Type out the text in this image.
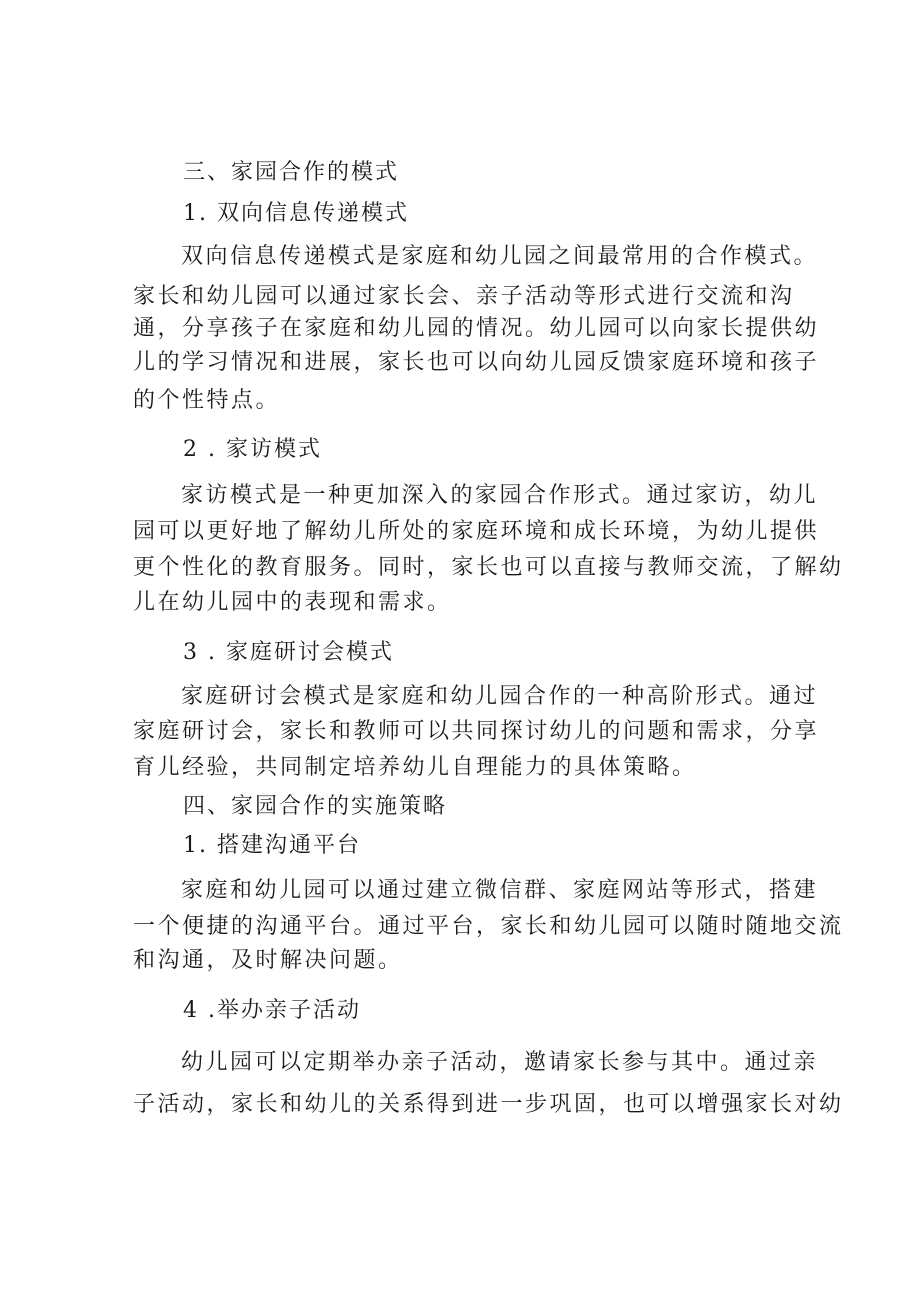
三、家园合作的模式

1. 双向信息传递模式

双向信息传递模式是家庭和幼儿园之间最常用的合作模式。

家长和幼儿园可以通过家长会、亲子活动等形式进行交流和沟

通，分享孩子在家庭和幼儿园的情况。幼儿园可以向家长提供幼

儿的学习情况和进展，家长也可以向幼儿园反馈家庭环境和孩子

的个性特点。

2 . 家访模式

家访模式是一种更加深入的家园合作形式。通过家访，幼儿

园可以更好地了解幼儿所处的家庭环境和成长环境，为幼儿提供

更个性化的教育服务。同时，家长也可以直接与教师交流，了解幼

儿在幼儿园中的表现和需求。

3 . 家庭研讨会模式

家庭研讨会模式是家庭和幼儿园合作的一种高阶形式。通过

家庭研讨会，家长和教师可以共同探讨幼儿的问题和需求，分享

育儿经验，共同制定培养幼儿自理能力的具体策略。

四、家园合作的实施策略

1. 搭建沟通平台

家庭和幼儿园可以通过建立微信群、家庭网站等形式，搭建

一个便捷的沟通平台。通过平台，家长和幼儿园可以随时随地交流

和沟通，及时解决问题。

4 .举办亲子活动

幼儿园可以定期举办亲子活动，邀请家长参与其中。通过亲

子活动，家长和幼儿的关系得到进一步巩固，也可以增强家长对幼
